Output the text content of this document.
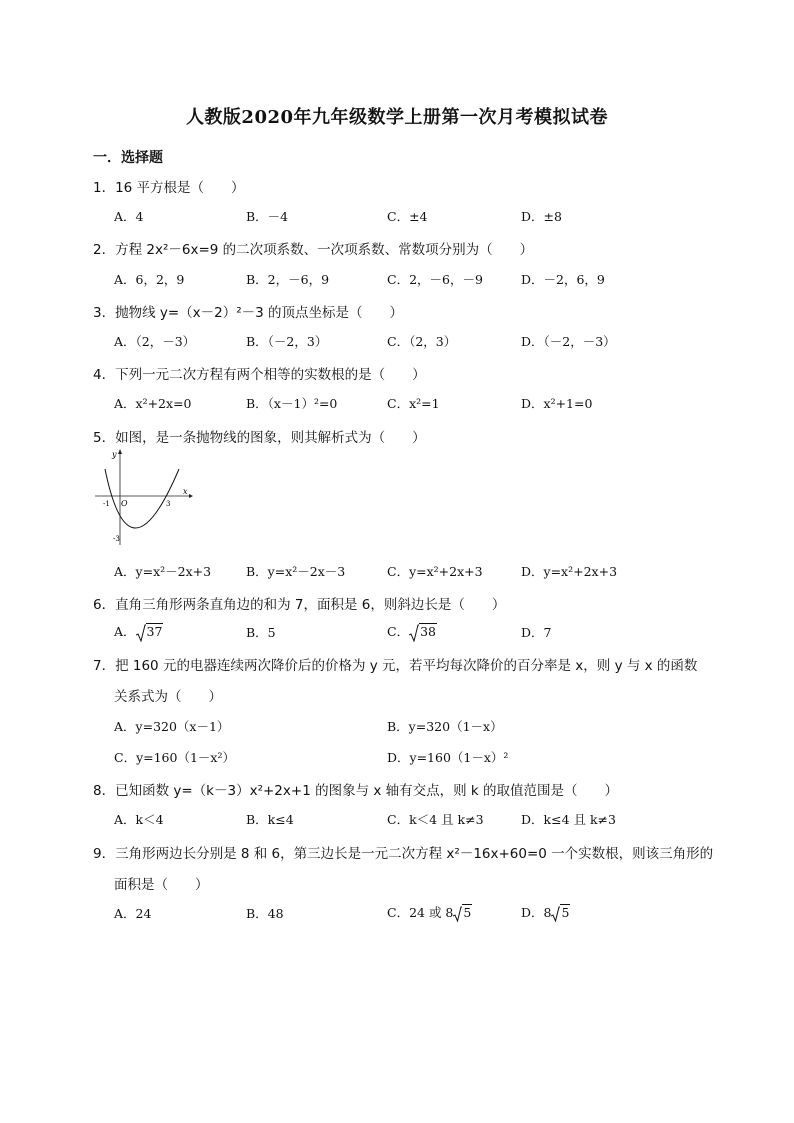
人教版2020年九年级数学上册第一次月考模拟试卷
一．选择题
1．16 平方根是（　　）
A．4	B．－4	C．±4	D．±8
2．方程 2x²－6x=9 的二次项系数、一次项系数、常数项分别为（　　）
A．6，2，9	B．2，－6，9	C．2，－6，－9	D．－2，6，9
3．抛物线 y=（x－2）²－3 的顶点坐标是（　　）
A．（2，－3）	B．（－2，3）	C．（2，3）	D．（－2，－3）
4．下列一元二次方程有两个相等的实数根的是（　　）
A．x²+2x=0	B．（x－1）²=0	C．x²=1	D．x²+1=0
5．如图，是一条抛物线的图象，则其解析式为（　　）
y
x
O
-1	3
-3
A．y=x²－2x+3	B．y=x²－2x－3	C．y=x²+2x+3	D．y=x²+2x+3
6．直角三角形两条直角边的和为 7，面积是 6，则斜边长是（　　）
A． 37	B．5	C． 38	D．7
7．把 160 元的电器连续两次降价后的价格为 y 元，若平均每次降价的百分率是 x，则 y 与 x 的函数
关系式为（　　）
A．y=320（x－1）	B．y=320（1－x）
C．y=160（1－x²）	D．y=160（1－x）²
8．已知函数 y=（k－3）x²+2x+1 的图象与 x 轴有交点，则 k 的取值范围是（　　）
A．k＜4	B．k≤4	C．k＜4 且 k≠3	D．k≤4 且 k≠3
9．三角形两边长分别是 8 和 6，第三边长是一元二次方程 x²－16x+60=0 一个实数根，则该三角形的
面积是（　　）
A．24	B．48	C．24 或 8 5	D．8 5
